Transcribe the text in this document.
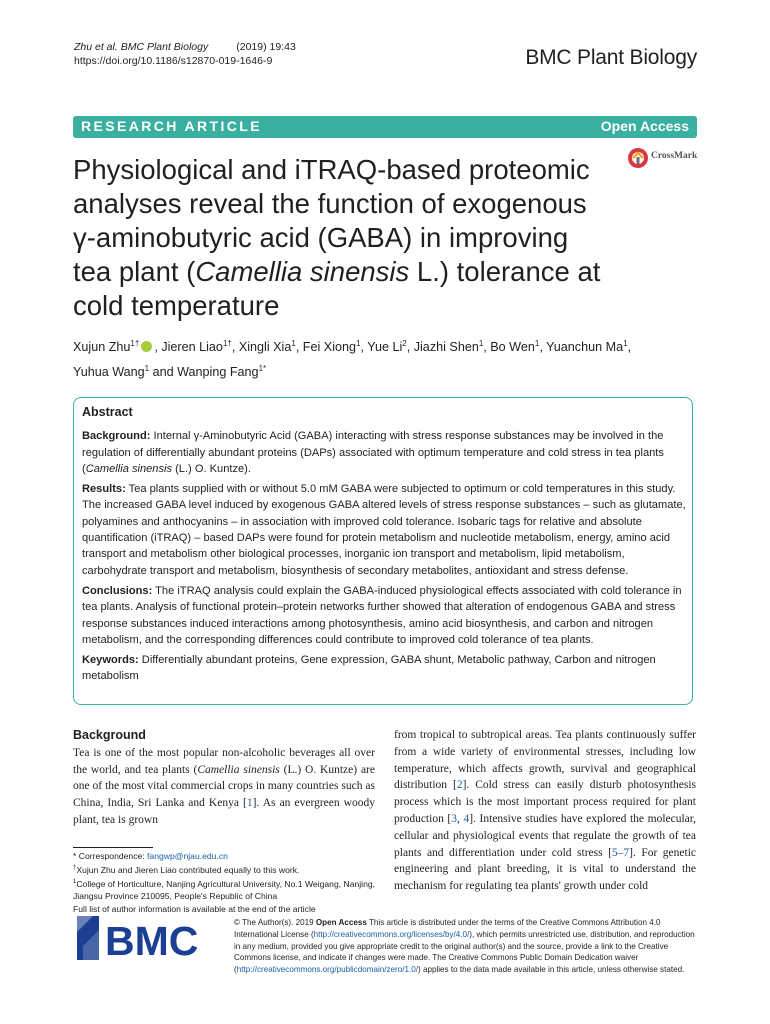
Zhu et al. BMC Plant Biology	(2019) 19:43
https://doi.org/10.1186/s12870-019-1646-9	BMC Plant Biology
RESEARCH ARTICLE	Open Access
Physiological and iTRAQ-based proteomic analyses reveal the function of exogenous γ-aminobutyric acid (GABA) in improving tea plant (Camellia sinensis L.) tolerance at cold temperature
CrossMark
Xujun Zhu$^{1\dagger}$ , Jieren Liao$^{1\dagger}$, Xingli Xia$^1$, Fei Xiong$^1$, Yue Li$^2$, Jiazhi Shen$^1$, Bo Wen$^1$, Yuanchun Ma$^1$,
Yuhua Wang$^1$ and Wanping Fang$^{1*}$

Abstract

Background: Internal γ-Aminobutyric Acid (GABA) interacting with stress response substances may be involved in the regulation of differentially abundant proteins (DAPs) associated with optimum temperature and cold stress in tea plants (Camellia sinensis (L.) O. Kuntze).

Results: Tea plants supplied with or without 5.0 mM GABA were subjected to optimum or cold temperatures in this study. The increased GABA level induced by exogenous GABA altered levels of stress response substances – such as glutamate, polyamines and anthocyanins – in association with improved cold tolerance. Isobaric tags for relative and absolute quantification (iTRAQ) – based DAPs were found for protein metabolism and nucleotide metabolism, energy, amino acid transport and metabolism other biological processes, inorganic ion transport and metabolism, lipid metabolism, carbohydrate transport and metabolism, biosynthesis of secondary metabolites, antioxidant and stress defense.

Conclusions: The iTRAQ analysis could explain the GABA-induced physiological effects associated with cold tolerance in tea plants. Analysis of functional protein–protein networks further showed that alteration of endogenous GABA and stress response substances induced interactions among photosynthesis, amino acid biosynthesis, and carbon and nitrogen metabolism, and the corresponding differences could contribute to improved cold tolerance of tea plants.

Keywords: Differentially abundant proteins, Gene expression, GABA shunt, Metabolic pathway, Carbon and nitrogen metabolism

Background
Tea is one of the most popular non-alcoholic beverages all over the world, and tea plants (Camellia sinensis (L.) O. Kuntze) are one of the most vital commercial crops in many countries such as China, India, Sri Lanka and Kenya [1]. As an evergreen woody plant, tea is grown
from tropical to subtropical areas. Tea plants continuously suffer from a wide variety of environmental stresses, including low temperature, which affects growth, survival and geographical distribution [2]. Cold stress can easily disturb photosynthesis process which is the most important process required for plant production [3, 4]. Intensive studies have explored the molecular, cellular and physiological events that regulate the growth of tea plants and differentiation under cold stress [5–7]. For genetic engineering and plant breeding, it is vital to understand the mechanism for regulating tea plants' growth under cold
* Correspondence: fangwp@njau.edu.cn
†Xujun Zhu and Jieren Liao contributed equally to this work.
$^1$College of Horticulture, Nanjing Agricultural University, No.1 Weigang, Nanjing, Jiangsu Province 210095, People's Republic of China
Full list of author information is available at the end of the article
BMC	© The Author(s). 2019 Open Access This article is distributed under the terms of the Creative Commons Attribution 4.0 International License (http://creativecommons.org/licenses/by/4.0/), which permits unrestricted use, distribution, and reproduction in any medium, provided you give appropriate credit to the original author(s) and the source, provide a link to the Creative Commons license, and indicate if changes were made. The Creative Commons Public Domain Dedication waiver (http://creativecommons.org/publicdomain/zero/1.0/) applies to the data made available in this article, unless otherwise stated.
